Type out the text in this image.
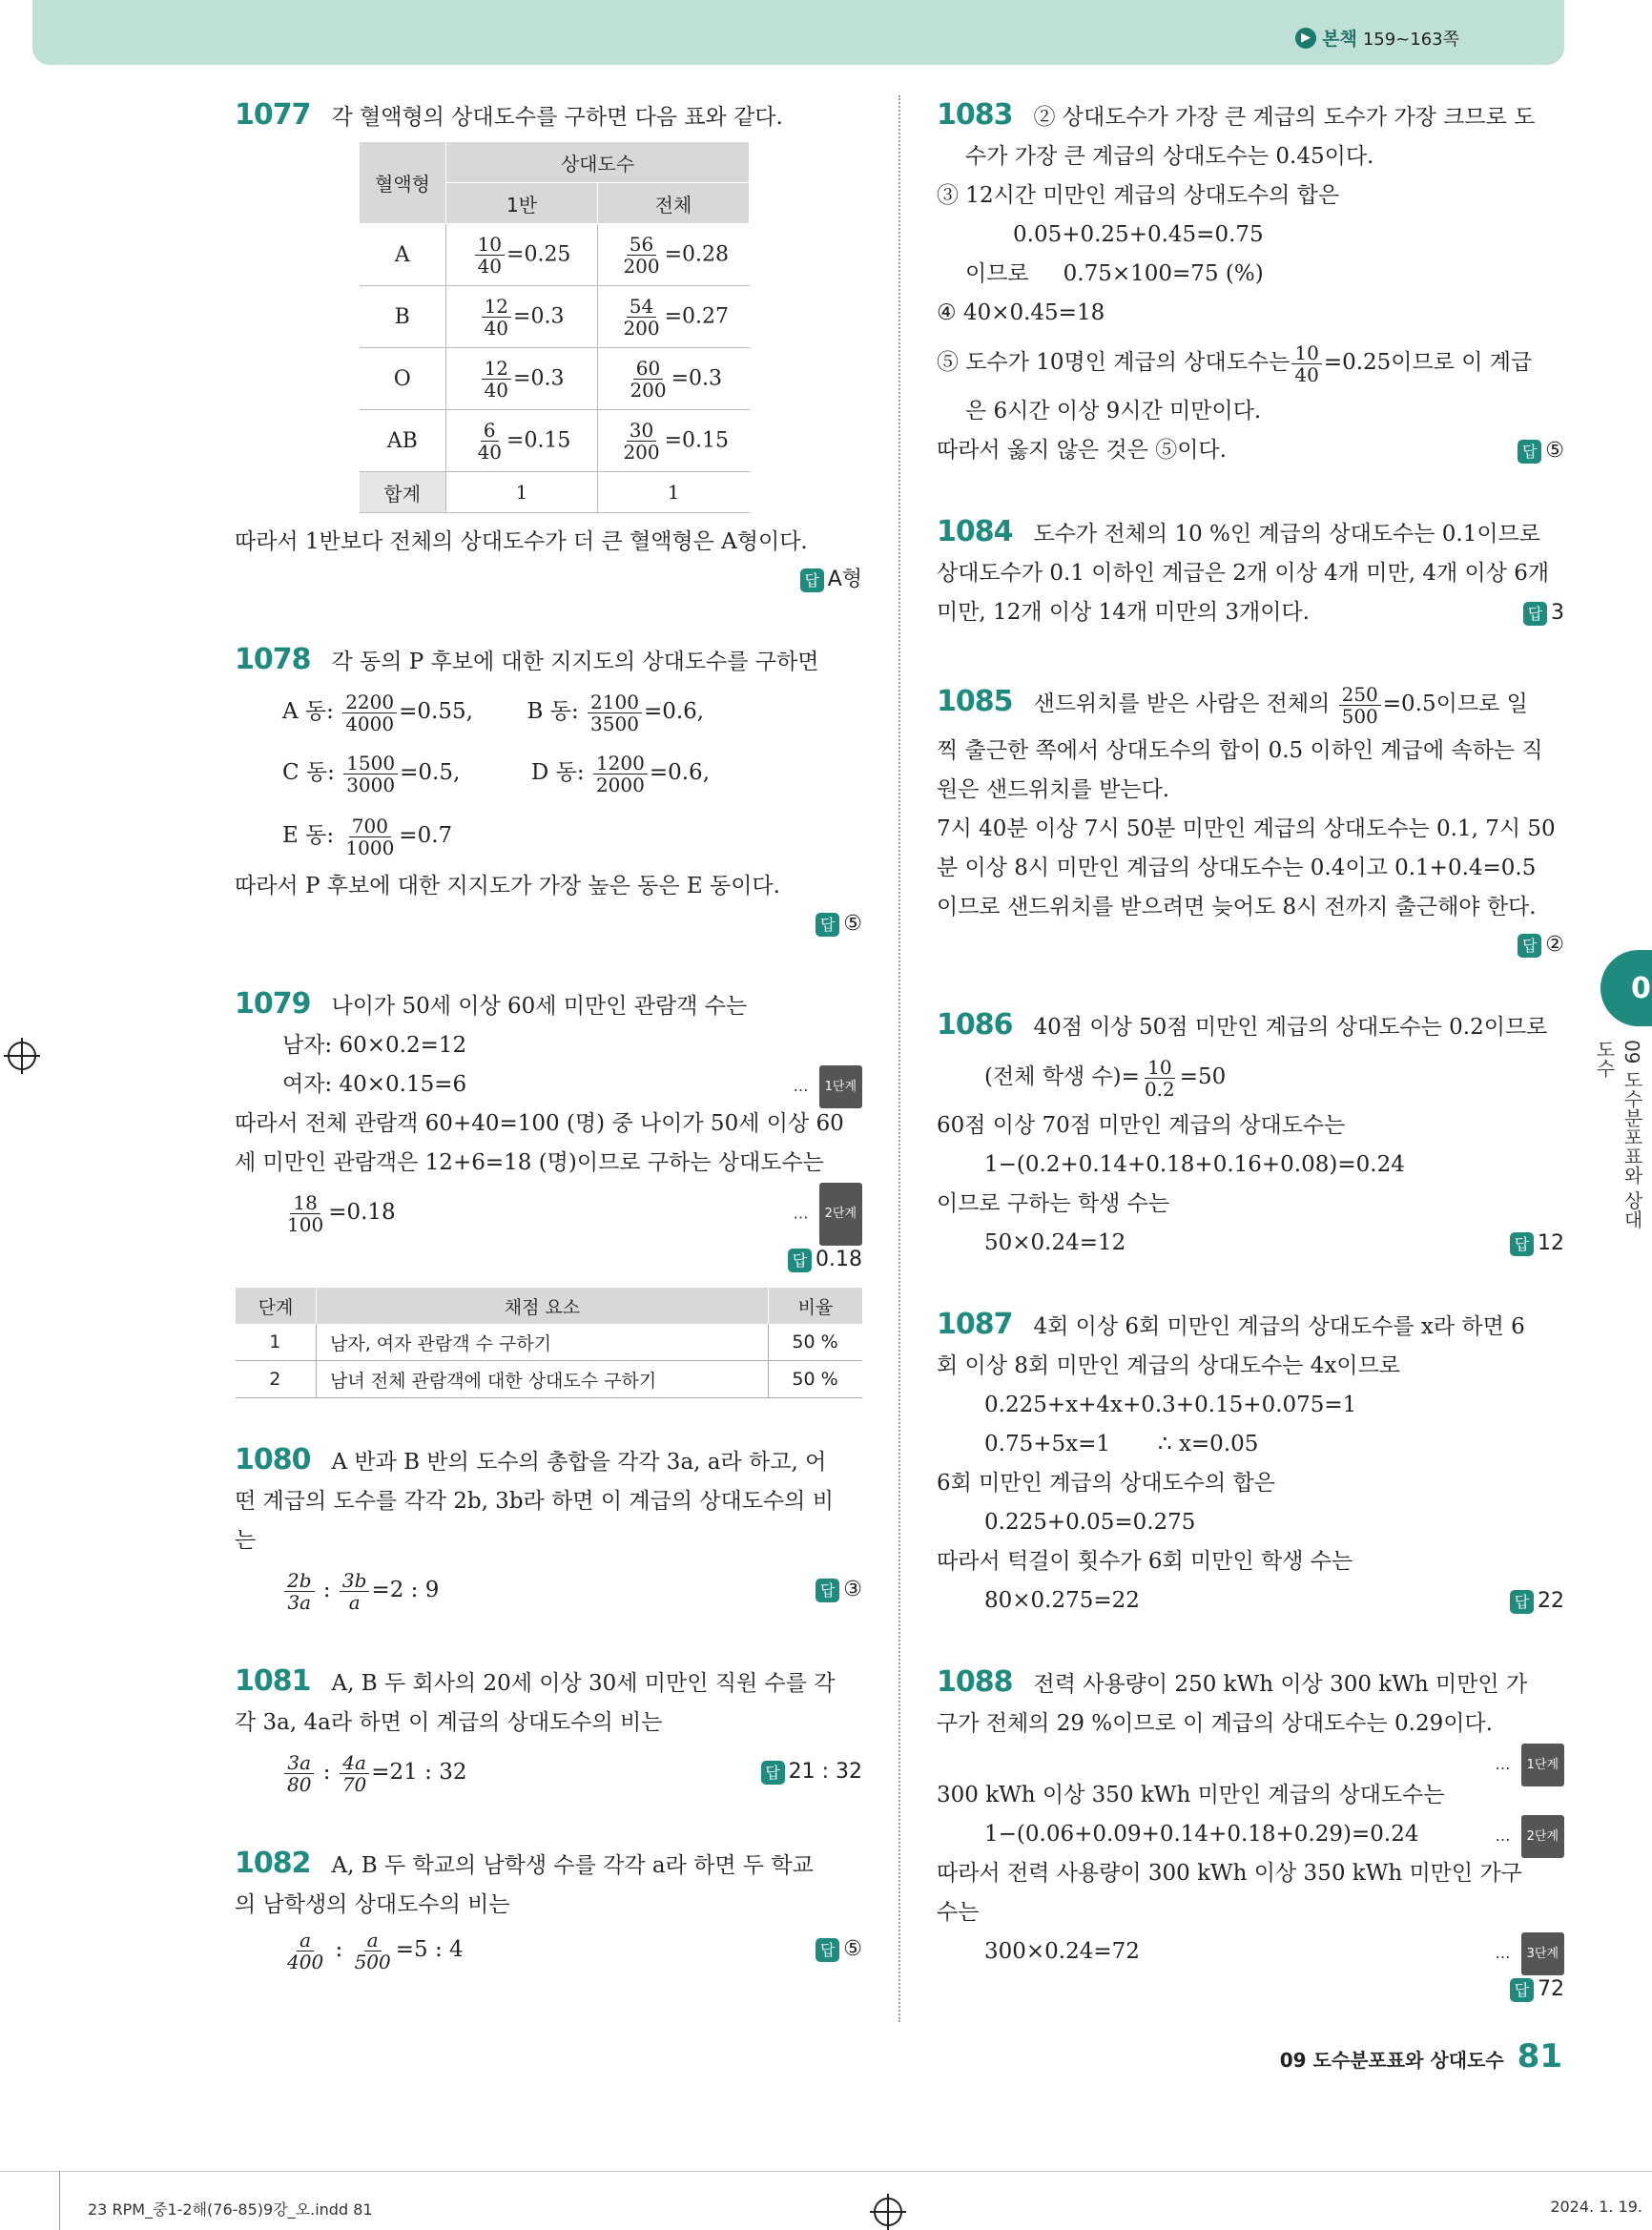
▶ 본책 159~163쪽
1077 각 혈액형의 상대도수를 구하면 다음 표와 같다.
혈액형	상대도수	
	1반	전체
A	$\frac{10}{40} =0.25$	$\frac{56}{200} =0.28$
B	$\frac{12}{40} =0.3$	$\frac{54}{200} =0.27$
O	$\frac{12}{40} =0.3$	$\frac{60}{200} =0.3$
AB	$\frac{6}{40} =0.15$	$\frac{30}{200} =0.15$
합계	1	1
따라서 1반보다 전체의 상대도수가 더 큰 혈액형은 A형이다.
답 A형
1078 각 동의 P 후보에 대한 지지도의 상대도수를 구하면
A 동: $\frac{2200}{4000} =0.55$, B 동: $\frac{2100}{3500} =0.6$,
C 동: $\frac{1500}{3000} =0.5$,	D 동: $\frac{1200}{2000} =0.6$,
E 동: $\frac{700}{1000} =0.7$
따라서 P 후보에 대한 지지도가 가장 높은 동은 E 동이다.
답 ⑤
1079 나이가 50세 이상 60세 미만인 관람객 수는
남자: 60×0.2=12
여자: 40×0.15=6	… 1단계
따라서 전체 관람객 60+40=100 (명) 중 나이가 50세 이상 60
세 미만인 관람객은 12+6=18 (명)이므로 구하는 상대도수는
$\frac{18}{100} =0.18$	… 2단계
답 0.18
단계	채점 요소	비율
1	남자, 여자 관람객 수 구하기	50 %
2	남녀 전체 관람객에 대한 상대도수 구하기	50 %
1080 A 반과 B 반의 도수의 총합을 각각 3a, a라 하고, 어
떤 계급의 도수를 각각 2b, 3b라 하면 이 계급의 상대도수의 비
는
$\frac{2b}{3a}$ : $\frac{3b}{a} =2$ : 9	답 ③
1081 A, B 두 회사의 20세 이상 30세 미만인 직원 수를 각
각 3a, 4a라 하면 이 계급의 상대도수의 비는
$\frac{3a}{80}$ : $\frac{4a}{70} =21$ : 32	답 21 : 32
1082 A, B 두 학교의 남학생 수를 각각 a라 하면 두 학교
의 남학생의 상대도수의 비는
$\frac{a}{400}$ : $\frac{a}{500} =5$ : 4	답 ⑤
1083 ② 상대도수가 가장 큰 계급의 도수가 가장 크므로 도
수가 가장 큰 계급의 상대도수는 0.45이다.
③ 12시간 미만인 계급의 상대도수의 합은
0.05+0.25+0.45=0.75
이므로 0.75×100=75 (%)
④ 40×0.45=18
⑤ 도수가 10명인 계급의 상대도수는 $\frac{10}{40} =0.25$이므로 이 계급
은 6시간 이상 9시간 미만이다.
따라서 옳지 않은 것은 ⑤이다.	답 ⑤
1084 도수가 전체의 10 %인 계급의 상대도수는 0.1이므로
상대도수가 0.1 이하인 계급은 2개 이상 4개 미만, 4개 이상 6개
미만, 12개 이상 14개 미만의 3개이다.	답 3
1085 샌드위치를 받은 사람은 전체의 $\frac{250}{500} =0.5$이므로 일
찍 출근한 쪽에서 상대도수의 합이 0.5 이하인 계급에 속하는 직
원은 샌드위치를 받는다.
7시 40분 이상 7시 50분 미만인 계급의 상대도수는 0.1, 7시 50
분 이상 8시 미만인 계급의 상대도수는 0.4이고 0.1+0.4=0.5
이므로 샌드위치를 받으려면 늦어도 8시 전까지 출근해야 한다.
답 ②
1086 40점 이상 50점 미만인 계급의 상대도수는 0.2이므로
(전체 학생 수)= $\frac{10}{0.2} =50$
60점 이상 70점 미만인 계급의 상대도수는
1−(0.2+0.14+0.18+0.16+0.08)=0.24
이므로 구하는 학생 수는
50×0.24=12	답 12
1087 4회 이상 6회 미만인 계급의 상대도수를 x라 하면 6
회 이상 8회 미만인 계급의 상대도수는 4x이므로
0.225+x+4x+0.3+0.15+0.075=1
0.75+5x=1 ∴ x=0.05
6회 미만인 계급의 상대도수의 합은
0.225+0.05=0.275
따라서 턱걸이 횟수가 6회 미만인 학생 수는
80×0.275=22	답 22
1088 전력 사용량이 250 kWh 이상 300 kWh 미만인 가
구가 전체의 29 %이므로 이 계급의 상대도수는 0.29이다.
… 1단계
300 kWh 이상 350 kWh 미만인 계급의 상대도수는
1−(0.06+0.09+0.14+0.18+0.29)=0.24	… 2단계
따라서 전력 사용량이 300 kWh 이상 350 kWh 미만인 가구
수는
300×0.24=72	… 3단계
답 72
09 도수분포표와 상대도수 81
0
09 도수분포표와 상대도수
23 RPM_중1-2해(76-85)9강_오.indd 81	2024. 1. 19.
